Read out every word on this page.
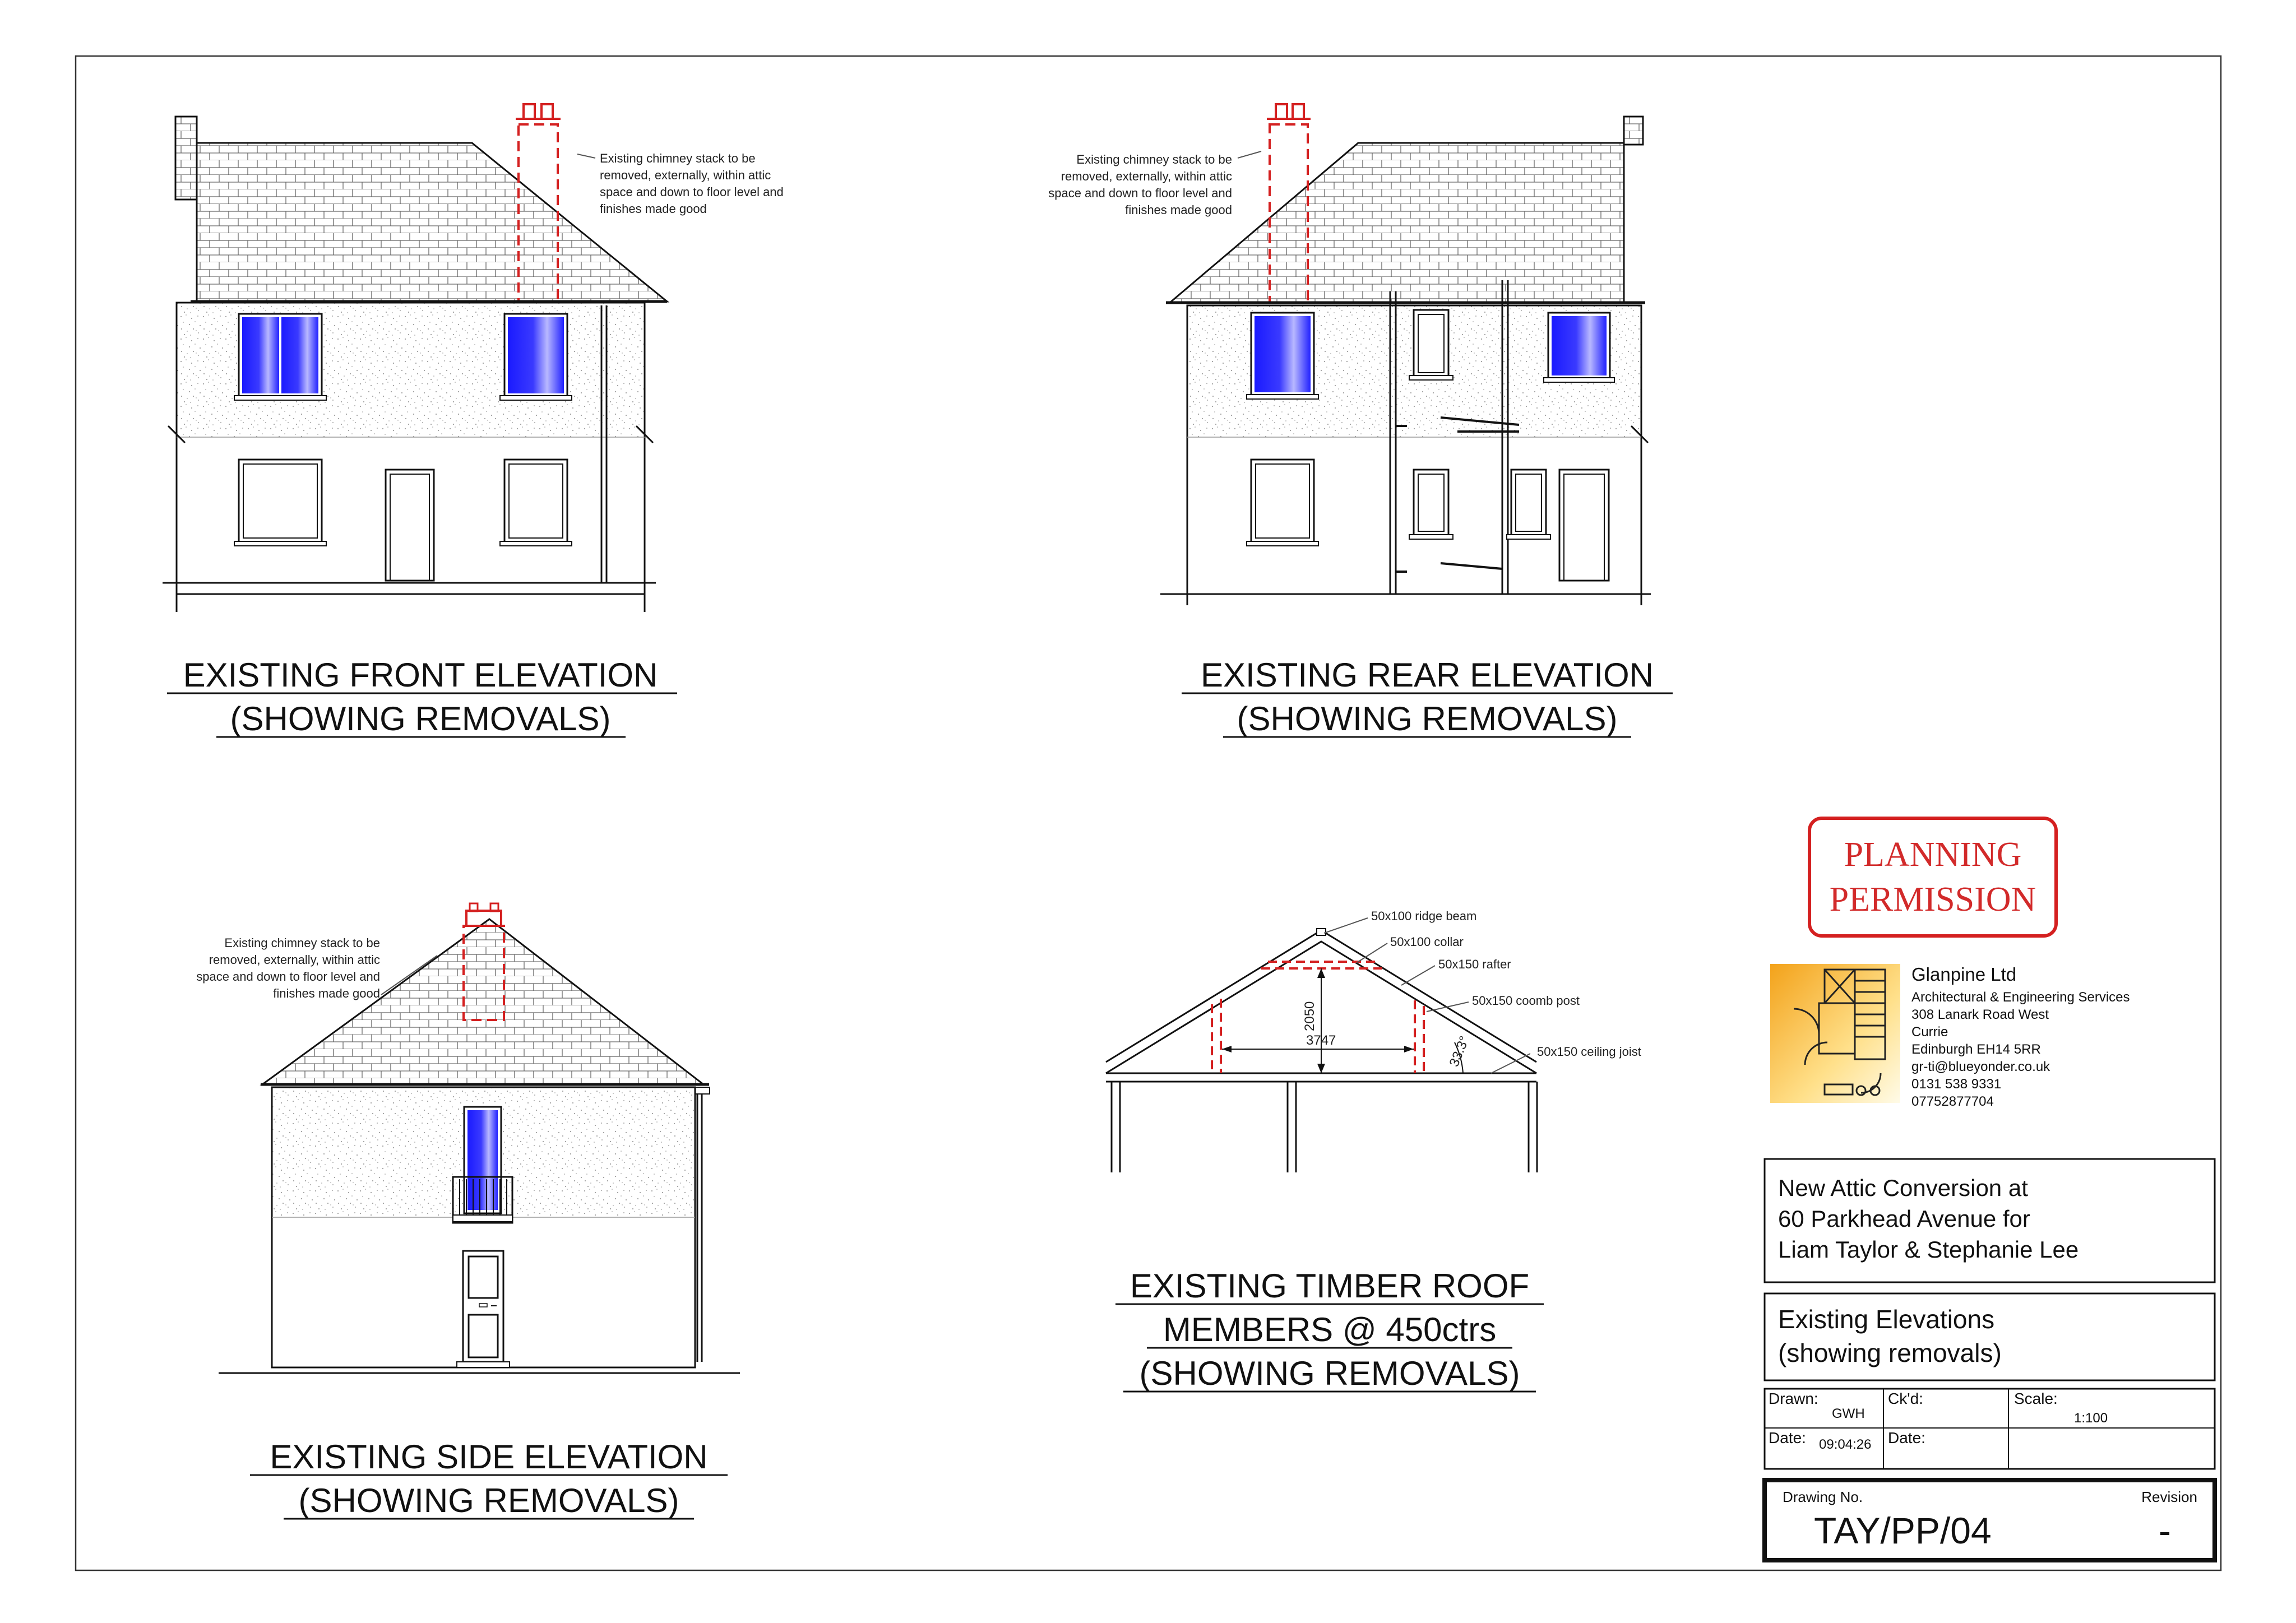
Existing chimney stack to be
removed, externally, within attic
space and down to floor level and
finishes made good
EXISTING FRONT ELEVATION
(SHOWING REMOVALS)
Existing chimney stack to be
removed, externally, within attic
space and down to floor level and
finishes made good
EXISTING REAR ELEVATION
(SHOWING REMOVALS)
Existing chimney stack to be
removed, externally, within attic
space and down to floor level and
finishes made good
EXISTING SIDE ELEVATION
(SHOWING REMOVALS)
2050
3747	33.3°
50x100 ridge beam
50x100 collar
50x150 rafter
50x150 coomb post
50x150 ceiling joist
EXISTING TIMBER ROOF
MEMBERS @ 450ctrs
(SHOWING REMOVALS)
PLANNING
PERMISSION
Glanpine Ltd
Architectural & Engineering Services
308 Lanark Road West
Currie
Edinburgh EH14 5RR
gr-ti@blueyonder.co.uk
0131 538 9331
07752877704
New Attic Conversion at
60 Parkhead Avenue for
Liam Taylor & Stephanie Lee
Existing Elevations
(showing removals)
Drawn:
GWH
Ck'd:	Scale:
1:100
Date: 09:04:26 Date:
Drawing No.
TAY/PP/04
Revision
-
